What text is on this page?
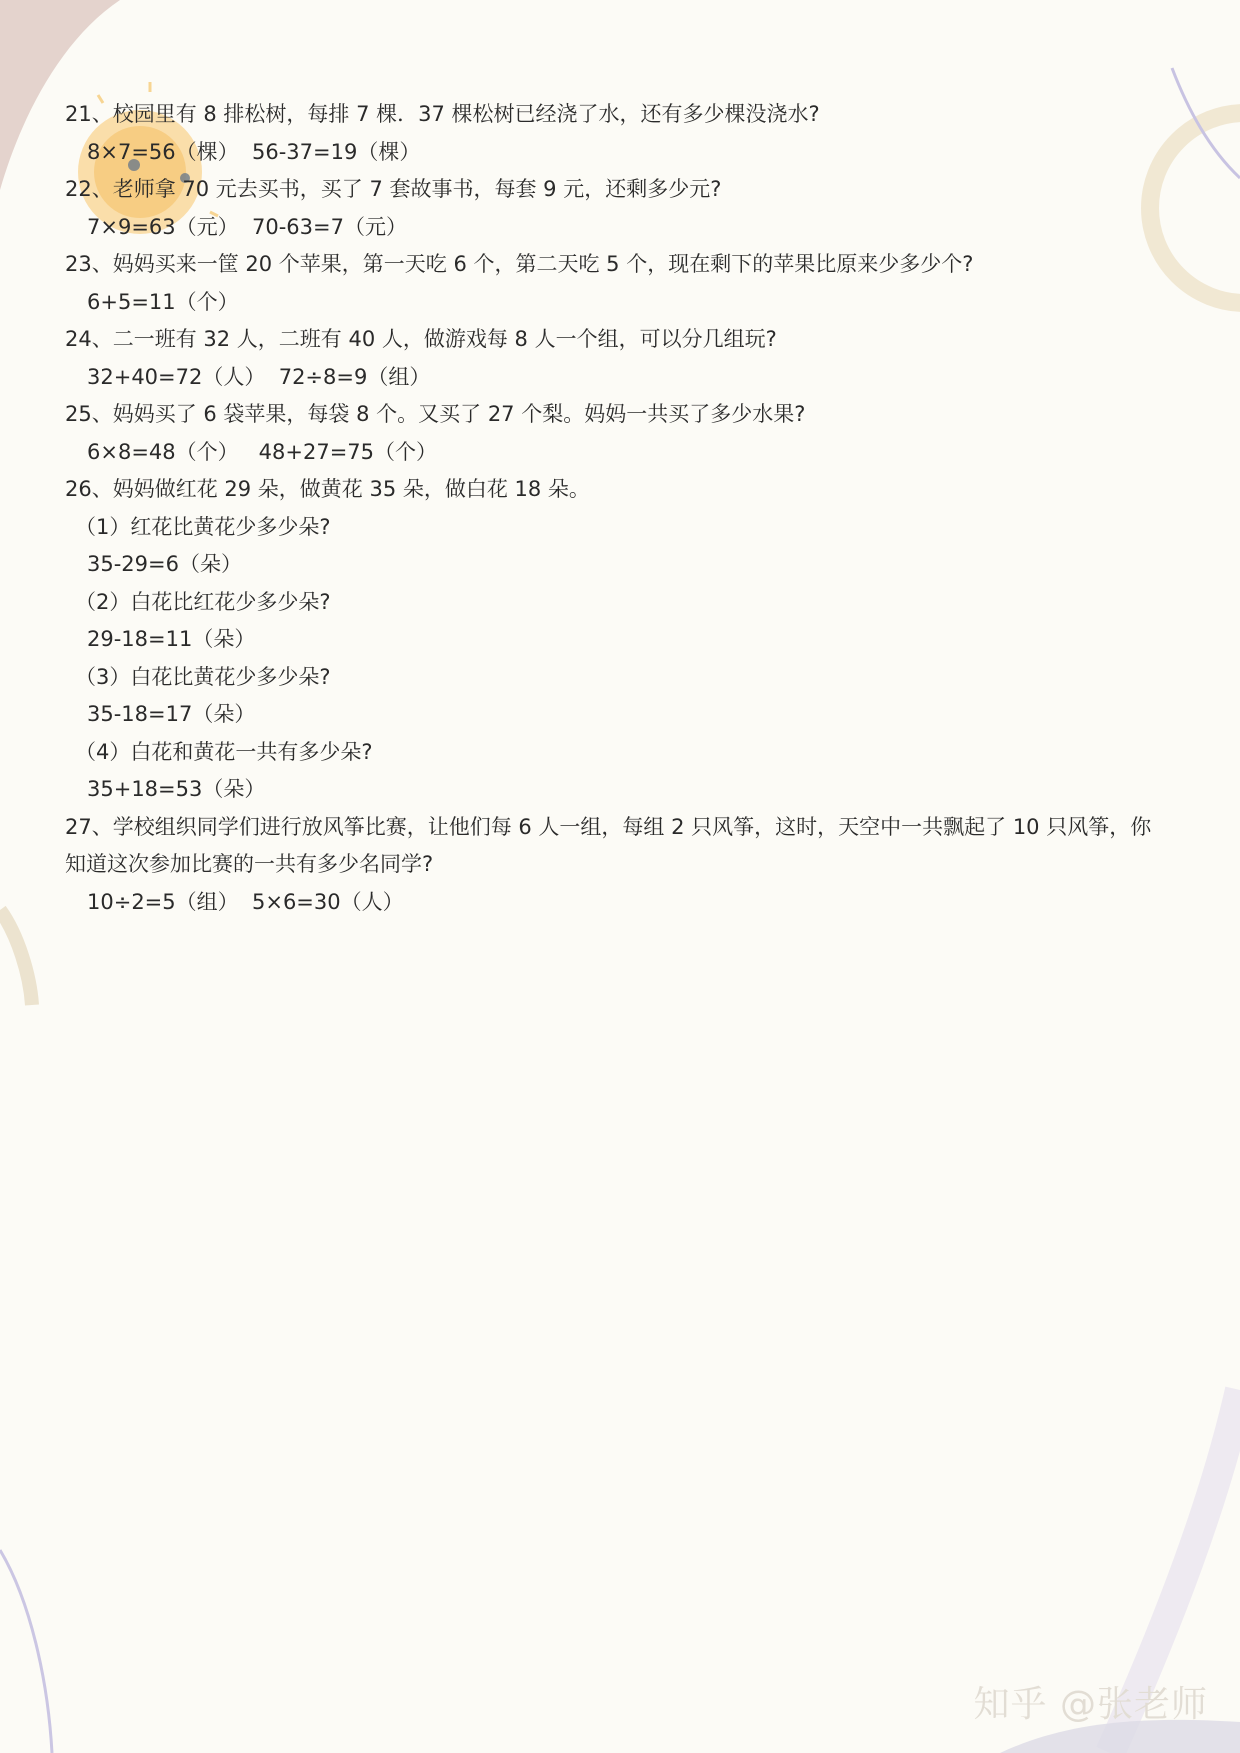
21、校园里有 8 排松树，每排 7 棵．37 棵松树已经浇了水，还有多少棵没浇水?

8×7=56（棵）  56-37=19（棵）

22、老师拿 70 元去买书，买了 7 套故事书，每套 9 元，还剩多少元?

7×9=63（元）  70-63=7（元）

23、妈妈买来一筐 20 个苹果，第一天吃 6 个，第二天吃 5 个，现在剩下的苹果比原来少多少个?

6+5=11（个）

24、二一班有 32 人，二班有 40 人，做游戏每 8 人一个组，可以分几组玩?

32+40=72（人）  72÷8=9（组）

25、妈妈买了 6 袋苹果，每袋 8 个。又买了 27 个梨。妈妈一共买了多少水果?

6×8=48（个）   48+27=75（个）

26、妈妈做红花 29 朵，做黄花 35 朵，做白花 18 朵。

（1）红花比黄花少多少朵?

35-29=6（朵）

（2）白花比红花少多少朵?

29-18=11（朵）

（3）白花比黄花少多少朵?

35-18=17（朵）

（4）白花和黄花一共有多少朵?

35+18=53（朵）

27、学校组织同学们进行放风筝比赛，让他们每 6 人一组，每组 2 只风筝，这时，天空中一共飘起了 10 只风筝，你

知道这次参加比赛的一共有多少名同学?

10÷2=5（组）  5×6=30（人）

知乎 @张老师
